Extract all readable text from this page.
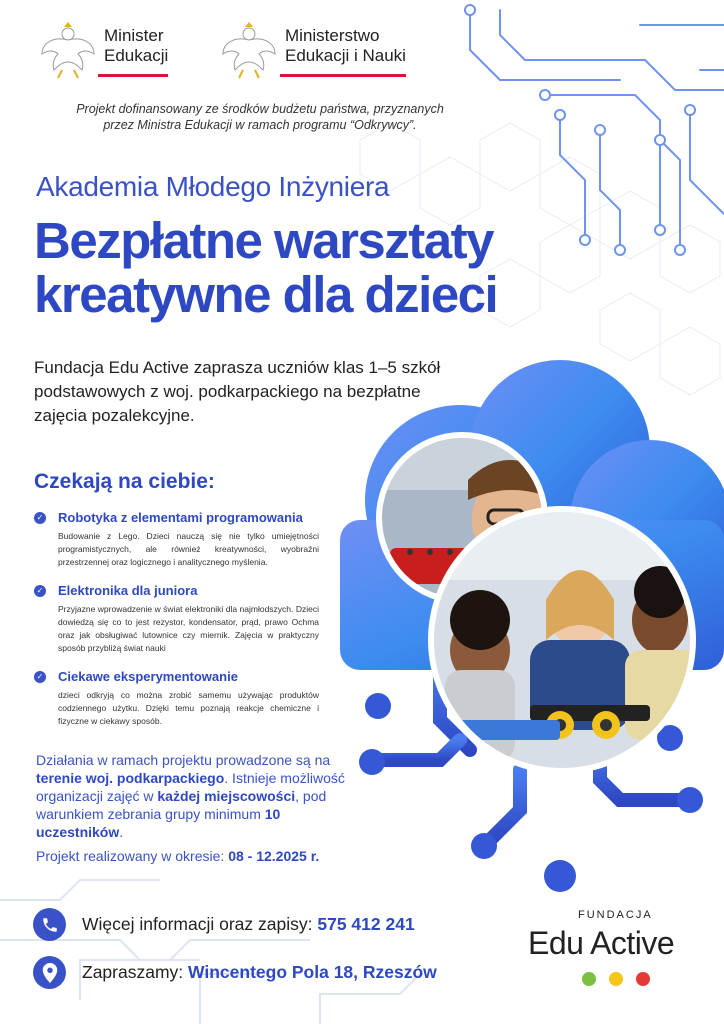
Minister
Edukacji
Ministerstwo
Edukacji i Nauki
Projekt dofinansowany ze środków budżetu państwa, przyznanych
przez Ministra Edukacji w ramach programu “Odkrywcy”.
Akademia Młodego Inżyniera
Bezpłatne warsztaty
kreatywne dla dzieci

Fundacja Edu Active zaprasza uczniów klas 1–5 szkół podstawowych z woj. podkarpackiego na bezpłatne zajęcia pozalekcyjne.

Czekają na ciebie:
✓ Robotyka z elementami programowania

Budowanie z Lego. Dzieci nauczą się nie tylko umiejętności programistycznych, ale również kreatywności, wyobraźni przestrzennej oraz logicznego i analitycznego myślenia.

✓ Elektronika dla juniora

Przyjazne wprowadzenie w świat elektroniki dla najmłodszych. Dzieci dowiedzą się co to jest rezystor, kondensator, prąd, prawo Ochma oraz jak obsługiwać lutownice czy miernik. Zajęcia w praktyczny sposób przybliżą świat nauki

✓ Ciekawe eksperymentowanie

dzieci odkryją co można zrobić samemu używając produktów codziennego użytku. Dzięki temu poznają reakcje chemiczne i fizyczne w ciekawy sposób.

Działania w ramach projektu prowadzone są na terenie woj. podkarpackiego. Istnieje możliwość organizacji zajęć w każdej miejscowości, pod warunkiem zebrania grupy minimum 10 uczestników.

Projekt realizowany w okresie: 08 - 12.2025 r.

Więcej informacji oraz zapisy: 575 412 241
Zapraszamy: Wincentego Pola 18, Rzeszów
FUNDACJA
Edu Active
